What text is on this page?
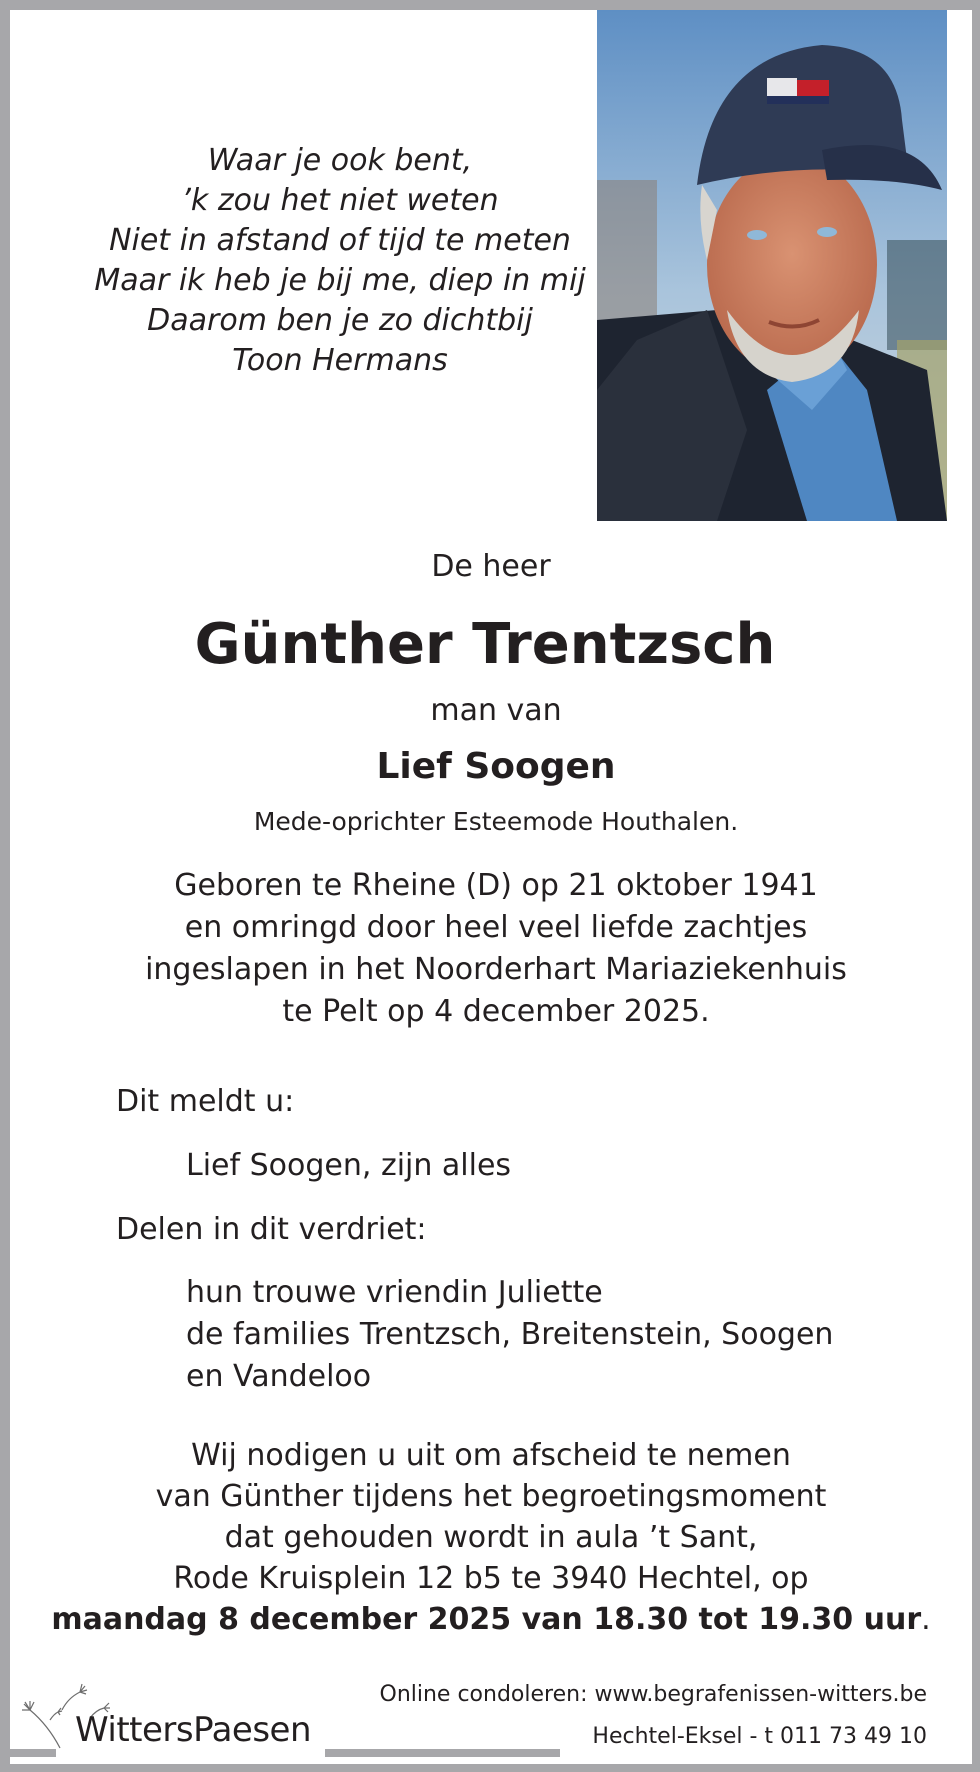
Waar je ook bent,
’k zou het niet weten
Niet in afstand of tijd te meten
Maar ik heb je bij me, diep in mij
Daarom ben je zo dichtbij
Toon Hermans
De heer
Günther Trentzsch
man van
Lief Soogen
Mede-oprichter Esteemode Houthalen.
Geboren te Rheine (D) op 21 oktober 1941
en omringd door heel veel liefde zachtjes
ingeslapen in het Noorderhart Mariaziekenhuis
te Pelt op 4 december 2025.
Dit meldt u:
Lief Soogen, zijn alles
Delen in dit verdriet:
hun trouwe vriendin Juliette
de families Trentzsch, Breitenstein, Soogen
en Vandeloo
Wij nodigen u uit om afscheid te nemen
van Günther tijdens het begroetingsmoment
dat gehouden wordt in aula ’t Sant,
Rode Kruisplein 12 b5 te 3940 Hechtel, op
maandag 8 december 2025 van 18.30 tot 19.30 uur.
WittersPaesen
Online condoleren: www.begrafenissen-witters.be
Hechtel-Eksel - t 011 73 49 10
